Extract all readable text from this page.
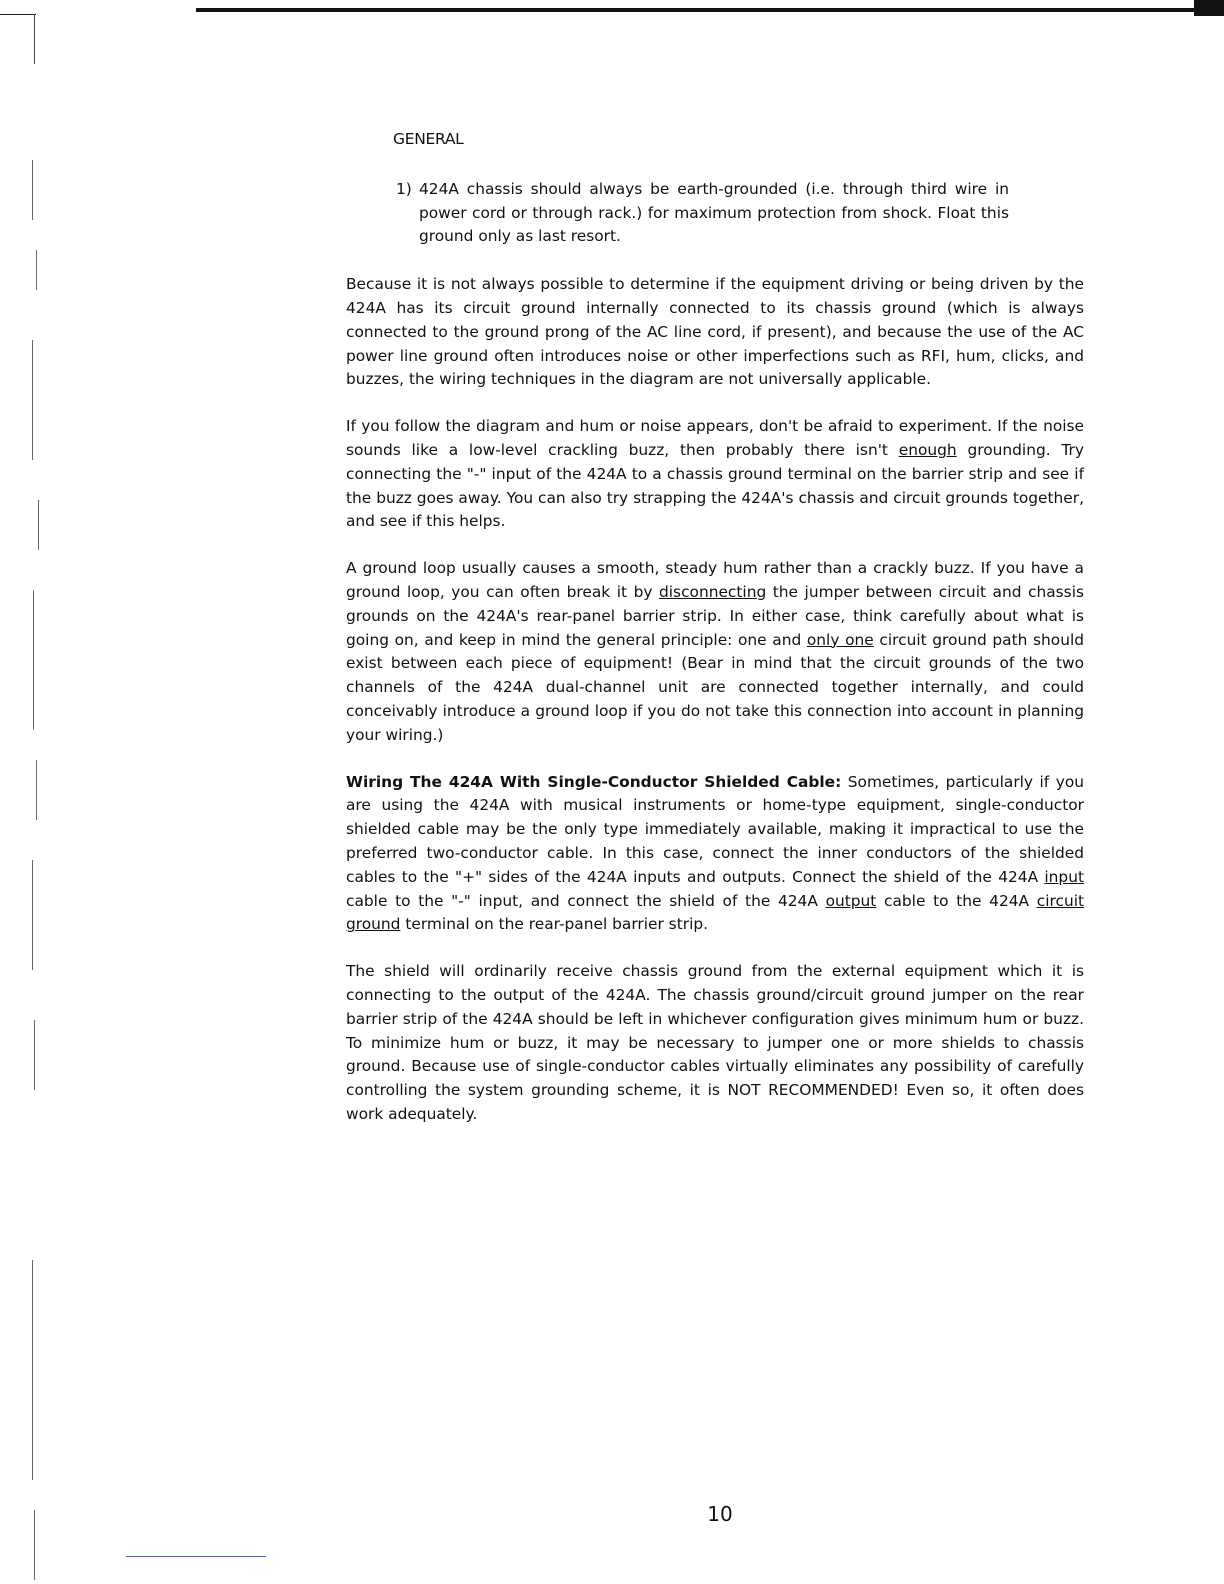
GENERAL
1) 424A chassis should always be earth-grounded (i.e. through third wire in power cord or through rack.) for maximum protection from shock. Float this ground only as last resort.

Because it is not always possible to determine if the equipment driving or being driven by the 424A has its circuit ground internally connected to its chassis ground (which is always connected to the ground prong of the AC line cord, if present), and because the use of the AC power line ground often introduces noise or other imperfections such as RFI, hum, clicks, and buzzes, the wiring techniques in the diagram are not universally applicable.

If you follow the diagram and hum or noise appears, don't be afraid to experiment. If the noise sounds like a low-level crackling buzz, then probably there isn't enough grounding. Try connecting the "-" input of the 424A to a chassis ground terminal on the barrier strip and see if the buzz goes away. You can also try strapping the 424A's chassis and circuit grounds together, and see if this helps.

A ground loop usually causes a smooth, steady hum rather than a crackly buzz. If you have a ground loop, you can often break it by disconnecting the jumper between circuit and chassis grounds on the 424A's rear-panel barrier strip. In either case, think carefully about what is going on, and keep in mind the general principle: one and only one circuit ground path should exist between each piece of equipment! (Bear in mind that the circuit grounds of the two channels of the 424A dual-channel unit are connected together internally, and could conceivably introduce a ground loop if you do not take this connection into account in planning your wiring.)

Wiring The 424A With Single-Conductor Shielded Cable: Sometimes, particularly if you are using the 424A with musical instruments or home-type equipment, single-conductor shielded cable may be the only type immediately available, making it impractical to use the preferred two-conductor cable. In this case, connect the inner conductors of the shielded cables to the "+" sides of the 424A inputs and outputs. Connect the shield of the 424A input cable to the "-" input, and connect the shield of the 424A output cable to the 424A circuit ground terminal on the rear-panel barrier strip.

The shield will ordinarily receive chassis ground from the external equipment which it is connecting to the output of the 424A. The chassis ground/circuit ground jumper on the rear barrier strip of the 424A should be left in whichever configuration gives minimum hum or buzz. To minimize hum or buzz, it may be necessary to jumper one or more shields to chassis ground. Because use of single-conductor cables virtually eliminates any possibility of carefully controlling the system grounding scheme, it is NOT RECOMMENDED! Even so, it often does work adequately.

10
